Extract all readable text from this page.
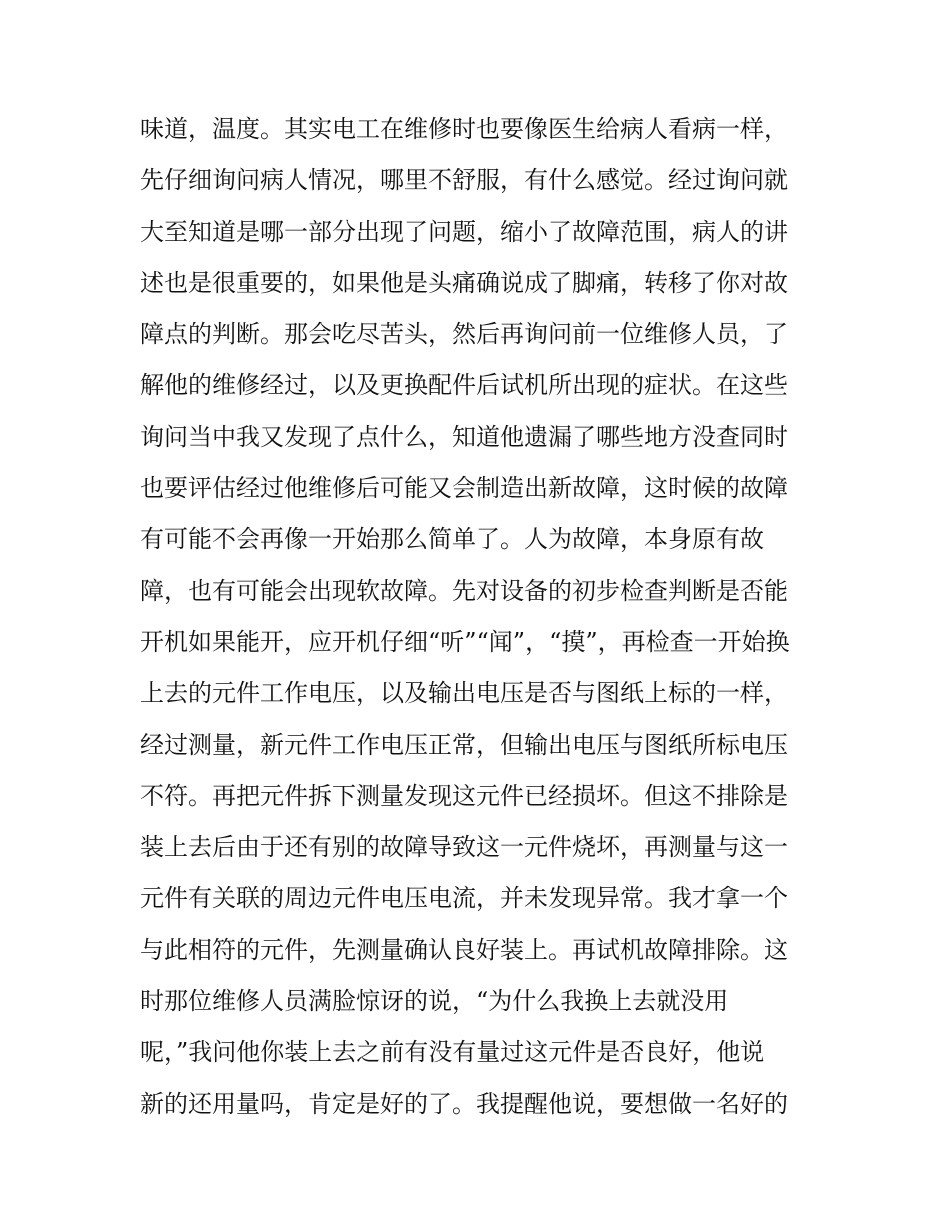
味道，温度。其实电工在维修时也要像医生给病人看病一样，
先仔细询问病人情况，哪里不舒服，有什么感觉。经过询问就
大至知道是哪一部分出现了问题，缩小了故障范围，病人的讲
述也是很重要的，如果他是头痛确说成了脚痛，转移了你对故
障点的判断。那会吃尽苦头，然后再询问前一位维修人员，了
解他的维修经过，以及更换配件后试机所出现的症状。在这些
询问当中我又发现了点什么，知道他遗漏了哪些地方没查同时
也要评估经过他维修后可能又会制造出新故障，这时候的故障
有可能不会再像一开始那么简单了。人为故障，本身原有故
障，也有可能会出现软故障。先对设备的初步检查判断是否能
开机如果能开，应开机仔细“听”“闻”，“摸”，再检查一开始换
上去的元件工作电压，以及输出电压是否与图纸上标的一样，
经过测量，新元件工作电压正常，但输出电压与图纸所标电压
不符。再把元件拆下测量发现这元件已经损坏。但这不排除是
装上去后由于还有别的故障导致这一元件烧坏，再测量与这一
元件有关联的周边元件电压电流，并未发现异常。我才拿一个
与此相符的元件，先测量确认良好装上。再试机故障排除。这
时那位维修人员满脸惊讶的说，“为什么我换上去就没用
呢，”我问他你装上去之前有没有量过这元件是否良好，他说
新的还用量吗，肯定是好的了。我提醒他说，要想做一名好的
